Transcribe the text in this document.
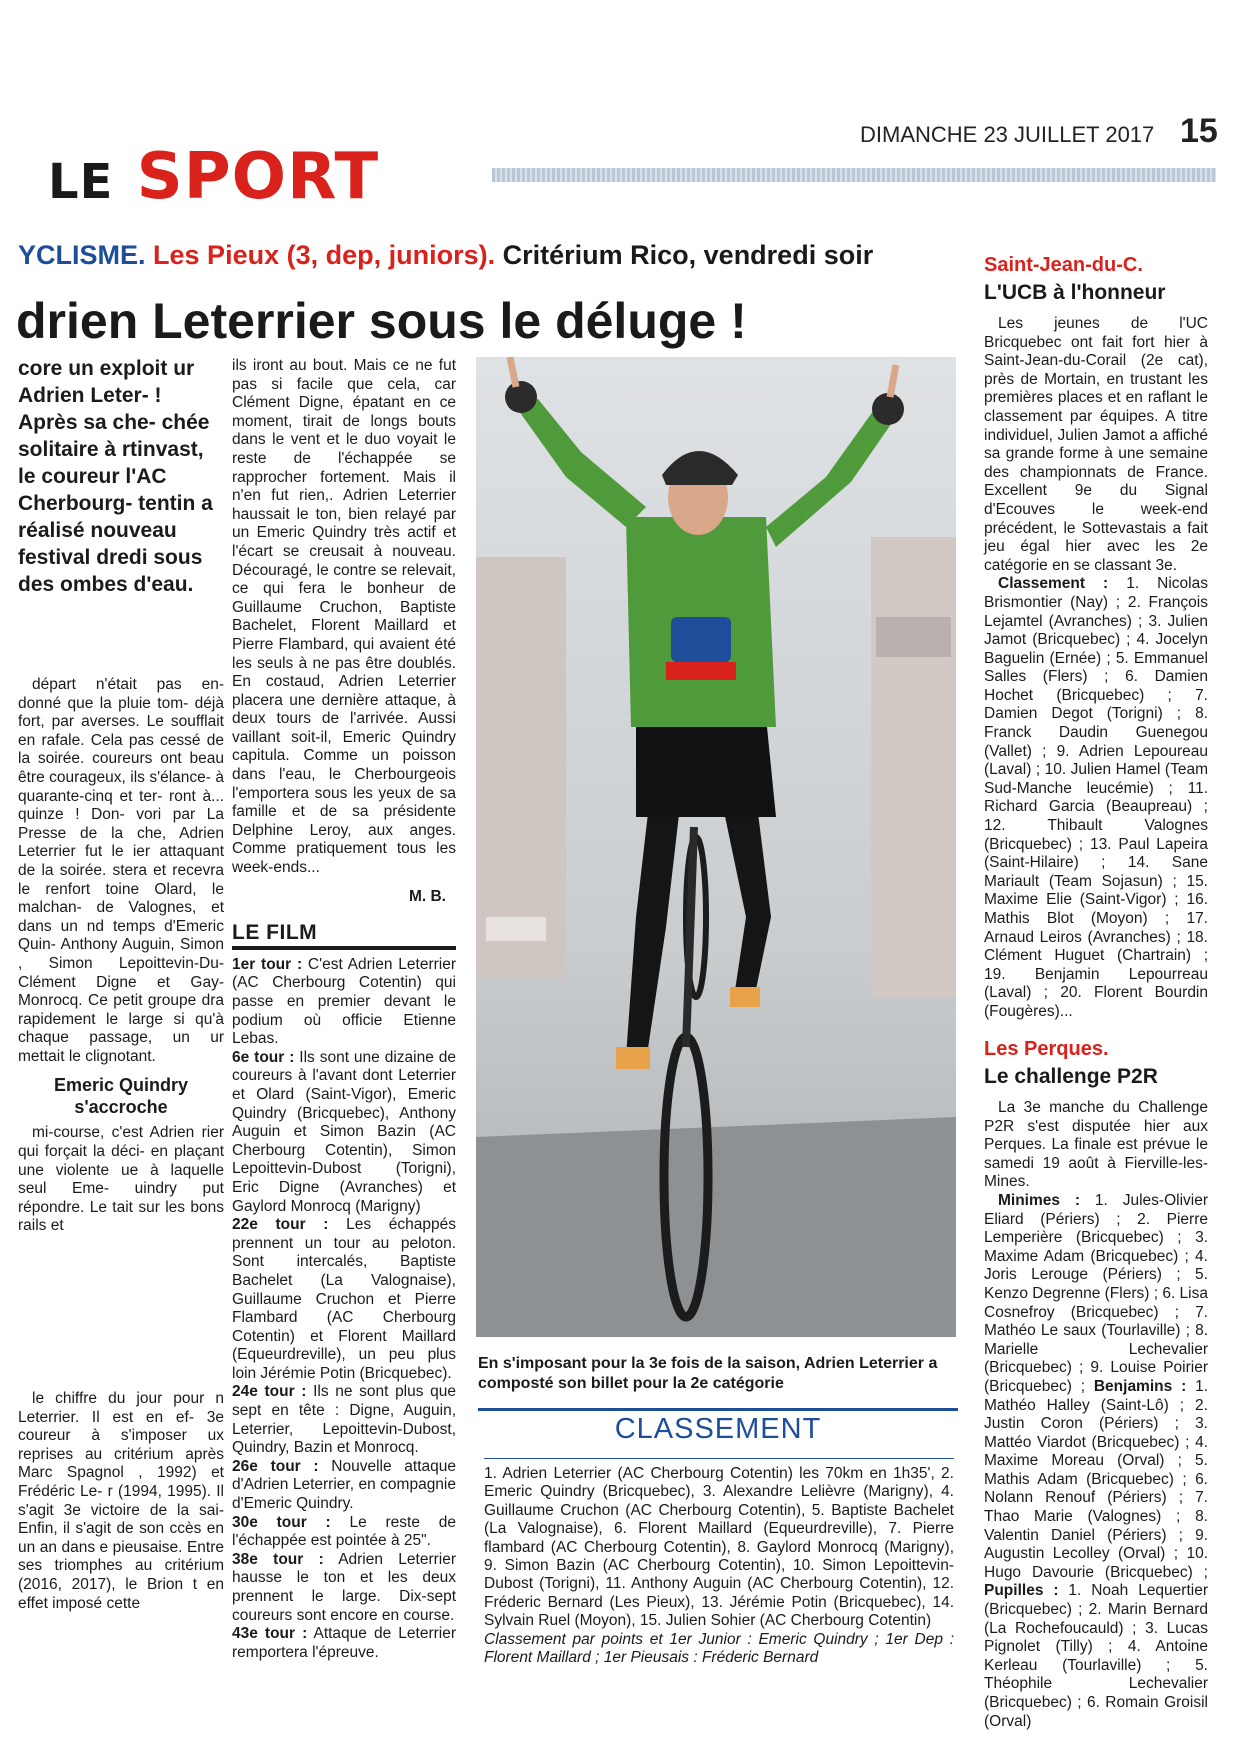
LE SPORT
DIMANCHE 23 JUILLET 2017 15
YCLISME. Les Pieux (3, dep, juniors). Critérium Rico, vendredi soir
drien Leterrier sous le déluge !
core un exploit ur Adrien Leter- ! Après sa che- chée solitaire à rtinvast, le coureur l'AC Cherbourg- tentin a réalisé nouveau festival dredi sous des ombes d'eau.

départ n'était pas en- donné que la pluie tom- déjà fort, par averses. Le soufflait en rafale. Cela pas cessé de la soirée. coureurs ont beau être courageux, ils s'élance- à quarante-cinq et ter- ront à... quinze ! Don- vori par La Presse de la che, Adrien Leterrier fut le ier attaquant de la soirée. stera et recevra le renfort toine Olard, le malchan- de Valognes, et dans un nd temps d'Emeric Quin- Anthony Auguin, Simon , Simon Lepoittevin-Du- Clément Digne et Gay- Monrocq. Ce petit groupe dra rapidement le large si qu'à chaque passage, un ur mettait le clignotant.

Emeric Quindry s'accroche

mi-course, c'est Adrien rier qui forçait la déci- en plaçant une violente ue à laquelle seul Eme- uindry put répondre. Le tait sur les bons rails et

le chiffre du jour pour n Leterrier. Il est en ef- 3e coureur à s'imposer ux reprises au critérium après Marc Spagnol , 1992) et Frédéric Le- r (1994, 1995). Il s'agit 3e victoire de la sai- Enfin, il s'agit de son ccès en un an dans e pieusaise. Entre ses triomphes au critérium (2016, 2017), le Brion t en effet imposé cette

ils iront au bout. Mais ce ne fut pas si facile que cela, car Clément Digne, épatant en ce moment, tirait de longs bouts dans le vent et le duo voyait le reste de l'échappée se rapprocher fortement. Mais il n'en fut rien,. Adrien Leterrier haussait le ton, bien relayé par un Emeric Quindry très actif et l'écart se creusait à nouveau. Découragé, le contre se relevait, ce qui fera le bonheur de Guillaume Cruchon, Baptiste Bachelet, Florent Maillard et Pierre Flambard, qui avaient été les seuls à ne pas être doublés. En costaud, Adrien Leterrier placera une dernière attaque, à deux tours de l'arrivée. Aussi vaillant soit-il, Emeric Quindry capitula. Comme un poisson dans l'eau, le Cherbourgeois l'emportera sous les yeux de sa famille et de sa présidente Delphine Leroy, aux anges. Comme pratiquement tous les week-ends...

M. B.
LE FILM

1er tour : C'est Adrien Leterrier (AC Cherbourg Cotentin) qui passe en premier devant le podium où officie Etienne Lebas.

6e tour : Ils sont une dizaine de coureurs à l'avant dont Leterrier et Olard (Saint-Vigor), Emeric Quindry (Bricquebec), Anthony Auguin et Simon Bazin (AC Cherbourg Cotentin), Simon Lepoittevin-Dubost (Torigni), Eric Digne (Avranches) et Gaylord Monrocq (Marigny)

22e tour : Les échappés prennent un tour au peloton. Sont intercalés, Baptiste Bachelet (La Valognaise), Guillaume Cruchon et Pierre Flambard (AC Cherbourg Cotentin) et Florent Maillard (Equeurdreville), un peu plus loin Jérémie Potin (Bricquebec).

24e tour : Ils ne sont plus que sept en tête : Digne, Auguin, Leterrier, Lepoittevin-Dubost, Quindry, Bazin et Monrocq.

26e tour : Nouvelle attaque d'Adrien Leterrier, en compagnie d'Emeric Quindry.

30e tour : Le reste de l'échappée est pointée à 25".

38e tour : Adrien Leterrier hausse le ton et les deux prennent le large. Dix-sept coureurs sont encore en course.

43e tour : Attaque de Leterrier remportera l'épreuve.

En s'imposant pour la 3e fois de la saison, Adrien Leterrier a composté son billet pour la 2e catégorie
CLASSEMENT
1. Adrien Leterrier (AC Cherbourg Cotentin) les 70km en 1h35', 2. Emeric Quindry (Bricquebec), 3. Alexandre Lelièvre (Marigny), 4. Guillaume Cruchon (AC Cherbourg Cotentin), 5. Baptiste Bachelet (La Valognaise), 6. Florent Maillard (Equeurdreville), 7. Pierre flambard (AC Cherbourg Cotentin), 8. Gaylord Monrocq (Marigny), 9. Simon Bazin (AC Cherbourg Cotentin), 10. Simon Lepoittevin-Dubost (Torigni), 11. Anthony Auguin (AC Cherbourg Cotentin), 12. Fréderic Bernard (Les Pieux), 13. Jérémie Potin (Bricquebec), 14. Sylvain Ruel (Moyon), 15. Julien Sohier (AC Cherbourg Cotentin)
Classement par points et 1er Junior : Emeric Quindry ; 1er Dep : Florent Maillard ; 1er Pieusais : Fréderic Bernard
Saint-Jean-du-C.
L'UCB à l'honneur

Les jeunes de l'UC Bricquebec ont fait fort hier à Saint-Jean-du-Corail (2e cat), près de Mortain, en trustant les premières places et en raflant le classement par équipes. A titre individuel, Julien Jamot a affiché sa grande forme à une semaine des championnats de France. Excellent 9e du Signal d'Ecouves le week-end précédent, le Sottevastais a fait jeu égal hier avec les 2e catégorie en se classant 3e.

Classement : 1. Nicolas Brismontier (Nay) ; 2. François Lejamtel (Avranches) ; 3. Julien Jamot (Bricquebec) ; 4. Jocelyn Baguelin (Ernée) ; 5. Emmanuel Salles (Flers) ; 6. Damien Hochet (Bricquebec) ; 7. Damien Degot (Torigni) ; 8. Franck Daudin Guenegou (Vallet) ; 9. Adrien Lepoureau (Laval) ; 10. Julien Hamel (Team Sud-Manche leucémie) ; 11. Richard Garcia (Beaupreau) ; 12. Thibault Valognes (Bricquebec) ; 13. Paul Lapeira (Saint-Hilaire) ; 14. Sane Mariault (Team Sojasun) ; 15. Maxime Elie (Saint-Vigor) ; 16. Mathis Blot (Moyon) ; 17. Arnaud Leiros (Avranches) ; 18. Clément Huguet (Chartrain) ; 19. Benjamin Lepourreau (Laval) ; 20. Florent Bourdin (Fougères)...

Les Perques.
Le challenge P2R

La 3e manche du Challenge P2R s'est disputée hier aux Perques. La finale est prévue le samedi 19 août à Fierville-les-Mines.

Minimes : 1. Jules-Olivier Eliard (Périers) ; 2. Pierre Lemperière (Bricquebec) ; 3. Maxime Adam (Bricquebec) ; 4. Joris Lerouge (Périers) ; 5. Kenzo Degrenne (Flers) ; 6. Lisa Cosnefroy (Bricquebec) ; 7. Mathéo Le saux (Tourlaville) ; 8. Marielle Lechevalier (Bricquebec) ; 9. Louise Poirier (Bricquebec) ; Benjamins : 1. Mathéo Halley (Saint-Lô) ; 2. Justin Coron (Périers) ; 3. Mattéo Viardot (Bricquebec) ; 4. Maxime Moreau (Orval) ; 5. Mathis Adam (Bricquebec) ; 6. Nolann Renouf (Périers) ; 7. Thao Marie (Valognes) ; 8. Valentin Daniel (Périers) ; 9. Augustin Lecolley (Orval) ; 10. Hugo Davourie (Bricquebec) ; Pupilles : 1. Noah Lequertier (Bricquebec) ; 2. Marin Bernard (La Rochefoucauld) ; 3. Lucas Pignolet (Tilly) ; 4. Antoine Kerleau (Tourlaville) ; 5. Théophile Lechevalier (Bricquebec) ; 6. Romain Groisil (Orval)
